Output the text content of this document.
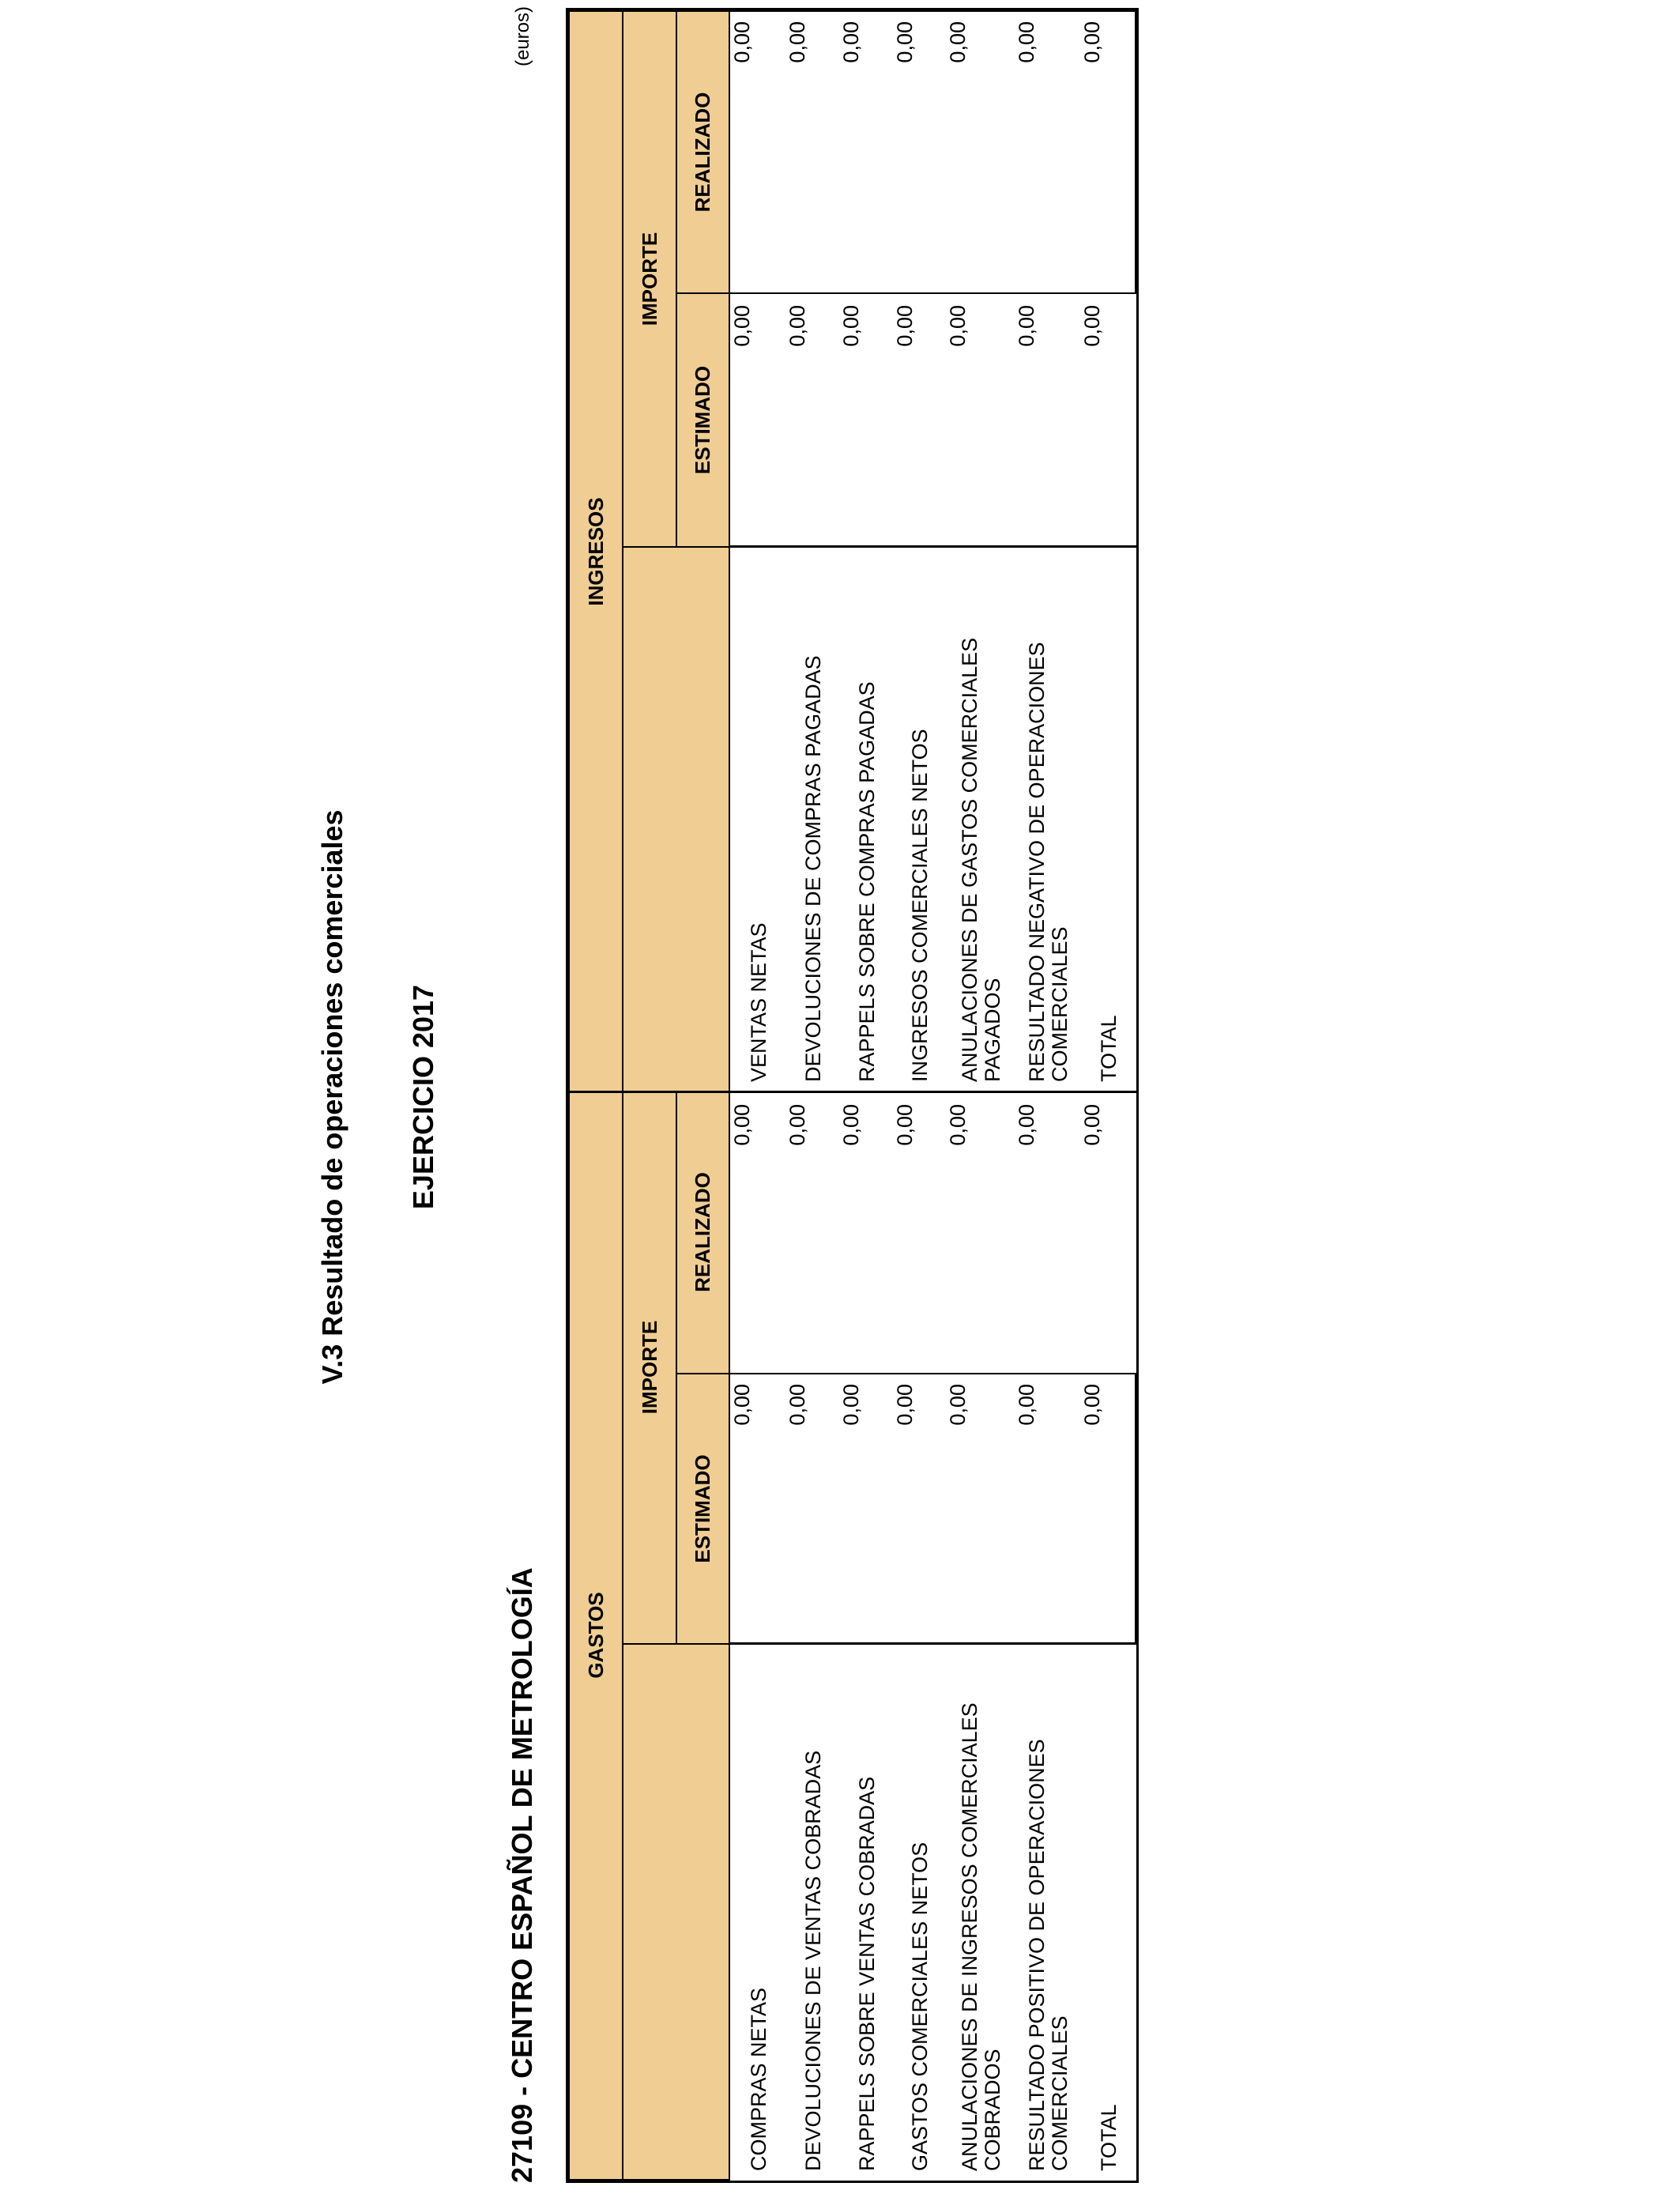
V.3 Resultado de operaciones comerciales EJERCICIO 2017
27109 - CENTRO ESPAÑOL DE METROLOGÍA
(euros)
GASTOS
IMPORTE
ESTIMADO
REALIZADO
INGRESOS
IMPORTE
ESTIMADO
REALIZADO
COMPRAS NETAS
0,00
0,00
DEVOLUCIONES DE VENTAS COBRADAS
0,00
0,00
RAPPELS SOBRE VENTAS COBRADAS
0,00
0,00
GASTOS COMERCIALES NETOS
0,00
0,00
ANULACIONES DE INGRESOS COMERCIALES COBRADOS
0,00
0,00
RESULTADO POSITIVO DE OPERACIONES COMERCIALES
0,00
0,00
TOTAL
0,00
0,00
VENTAS NETAS
0,00
0,00
DEVOLUCIONES DE COMPRAS PAGADAS
0,00
0,00
RAPPELS SOBRE COMPRAS PAGADAS
0,00
0,00
INGRESOS COMERCIALES NETOS
0,00
0,00
ANULACIONES DE GASTOS COMERCIALES PAGADOS
0,00
0,00
RESULTADO NEGATIVO DE OPERACIONES COMERCIALES
0,00
0,00
TOTAL
0,00
0,00
